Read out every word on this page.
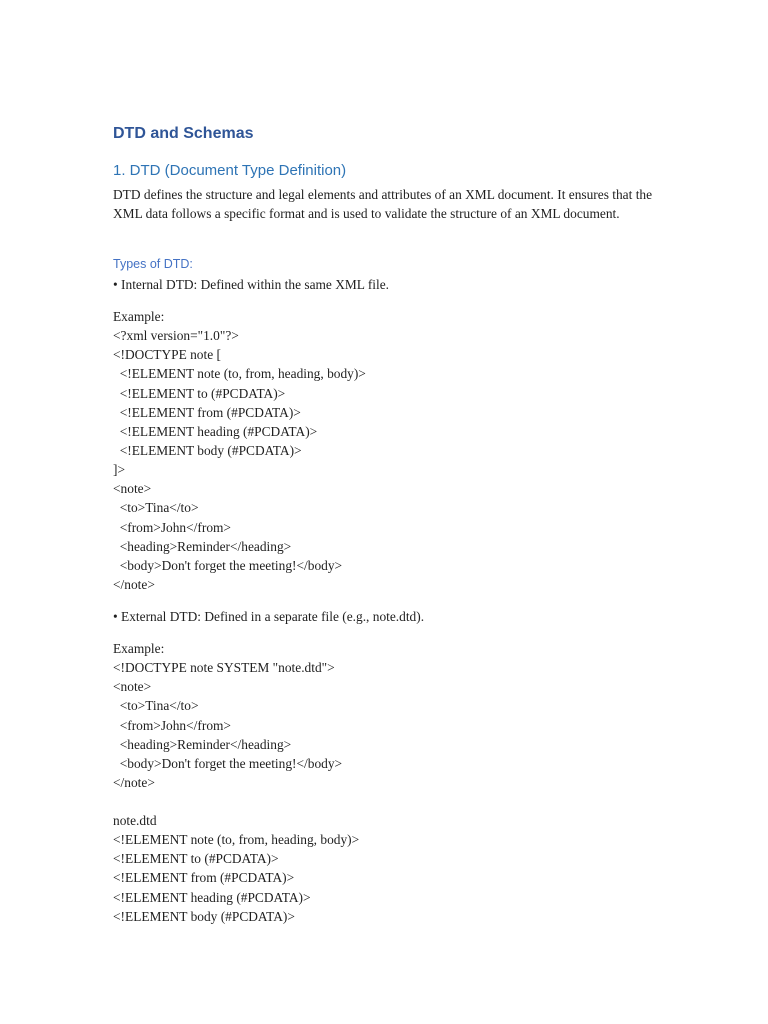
DTD and Schemas
1. DTD (Document Type Definition)

DTD defines the structure and legal elements and attributes of an XML document. It ensures that the XML data follows a specific format and is used to validate the structure of an XML document.

Types of DTD:

• Internal DTD: Defined within the same XML file.

Example:
<?xml version="1.0"?>
<!DOCTYPE note [
<!ELEMENT note (to, from, heading, body)>
<!ELEMENT to (#PCDATA)>
<!ELEMENT from (#PCDATA)>
<!ELEMENT heading (#PCDATA)>
<!ELEMENT body (#PCDATA)>
]>
<note>
<to>Tina</to>
<from>John</from>
<heading>Reminder</heading>
<body>Don't forget the meeting!</body>
</note>

• External DTD: Defined in a separate file (e.g., note.dtd).

Example:
<!DOCTYPE note SYSTEM "note.dtd">
<note>
<to>Tina</to>
<from>John</from>
<heading>Reminder</heading>
<body>Don't forget the meeting!</body>
</note>
note.dtd
<!ELEMENT note (to, from, heading, body)>
<!ELEMENT to (#PCDATA)>
<!ELEMENT from (#PCDATA)>
<!ELEMENT heading (#PCDATA)>
<!ELEMENT body (#PCDATA)>
